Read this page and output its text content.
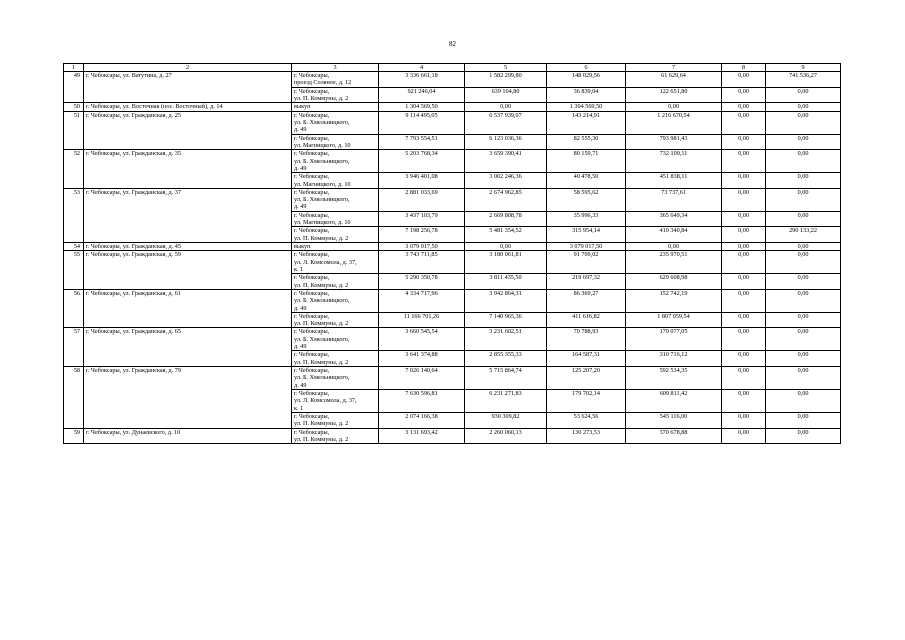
82
1	2	3	4	5	6	7	8	9
49	г. Чебоксары, ул. Ватутина, д. 27	г. Чебоксары,
проезд Соляное, д. 12	3 336 661,18	1 582 299,80	148 029,56	61 629,64	0,00	741 536,27

		г. Чебоксары,
ул. П. Коммуны, д. 2	921 246,04	639 104,80	36 839,04	122 651,80	0,00	0,00
50	г. Чебоксары, ул. Восточная (пос. Восточный), д. 14	выкуп	1 304 569,50	0,00	1 304 569,50	0,00	0,00	0,00
51	г. Чебоксары, ул. Гражданская, д. 25	г. Чебоксары,
ул. Б. Хмельницкого,
д. 49	9 114 495,05	6 537 939,07	143 214,91	1 216 670,54	0,00	0,00

		г. Чебоксары,
ул. Магницкого, д. 10	7 793 554,51	6 123 036,36	82 555,30	793 981,43	0,00	0,00
52	г. Чебоксары, ул. Гражданская, д. 35	г. Чебоксары,
ул. Б. Хмельницкого,
д. 49	5 203 768,34	3 659 390,41	80 159,71	732 109,11	0,00	0,00

		г. Чебоксары,
ул. Магницкого, д. 10	3 946 401,08	3 002 246,36	40 478,50	451 838,11	0,00	0,00
53	г. Чебоксары, ул. Гражданская, д. 37	г. Чебоксары,
ул. Б. Хмельницкого,
д. 49	2 881 033,69	2 674 962,85	58 595,62	73 737,61	0,00	0,00

		г. Чебоксары,
ул. Магницкого, д. 10	3 437 103,79	2 669 808,78	35 996,33	365 649,34	0,00	0,00

		г. Чебоксары,
ул. П. Коммуны, д. 2	7 198 256,78	5 481 354,52	315 954,14	410 340,84	0,00	290 133,22
54	г. Чебоксары, ул. Гражданская, д. 45	выкуп	3 079 017,50	0,00	3 079 017,50	0,00	0,00	0,00
55	г. Чебоксары, ул. Гражданская, д. 59	г. Чебоксары,
ул. Л. Комсомола, д. 37,
к. 1	3 743 711,85	3 180 061,81	91 709,02	235 970,51	0,00	0,00

		г. Чебоксары,
ул. П. Коммуны, д. 2	5 290 350,78	3 811 435,50	219 697,32	629 608,98	0,00	0,00
56	г. Чебоксары, ул. Гражданская, д. 61	г. Чебоксары,
ул. Б. Хмельницкого,
д. 49	4 334 717,96	3 942 864,31	86 369,27	152 742,19	0,00	0,00

		г. Чебоксары,
ул. П. Коммуны, д. 2	11 166 701,26	7 140 965,36	411 616,82	1 807 059,54	0,00	0,00
57	г. Чебоксары, ул. Гражданская, д. 65	г. Чебоксары,
ул. Б. Хмельницкого,
д. 49	3 660 545,54	3 231 602,51	70 788,93	179 077,05	0,00	0,00

		г. Чебоксары,
ул. П. Коммуны, д. 2	3 641 374,88	2 855 355,33	164 587,31	310 716,12	0,00	0,00
58	г. Чебоксары, ул. Гражданская, д. 79	г. Чебоксары,
ул. Б. Хмельницкого,
д. 49	7 026 140,64	5 715 864,74	125 207,20	592 534,35	0,00	0,00

		г. Чебоксары,
ул. Л. Комсомола, д. 37,
к. 1	7 630 596,81	6 231 271,83	179 702,14	609 811,42	0,00	0,00

		г. Чебоксары,
ул. П. Коммуны, д. 2	2 074 166,38	930 309,82	53 624,56	545 116,00	0,00	0,00
59	г. Чебоксары, ул. Дунаевского, д. 10	г. Чебоксары,
ул. П. Коммуны, д. 2	3 131 693,42	2 260 060,13	130 273,53	370 678,88	0,00	0,00
